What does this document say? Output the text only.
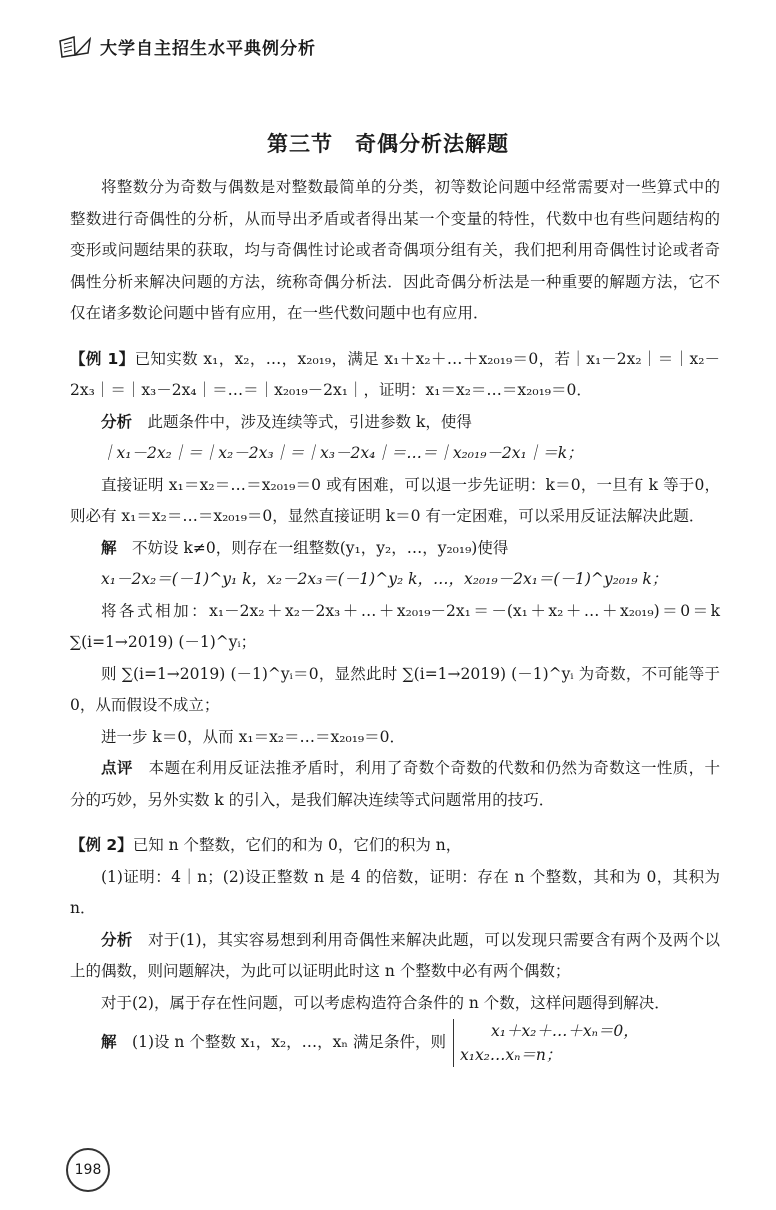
大学自主招生水平典例分析
第三节　奇偶分析法解题

将整数分为奇数与偶数是对整数最简单的分类，初等数论问题中经常需要对一些算式中的整数进行奇偶性的分析，从而导出矛盾或者得出某一个变量的特性，代数中也有些问题结构的变形或问题结果的获取，均与奇偶性讨论或者奇偶项分组有关，我们把利用奇偶性讨论或者奇偶性分析来解决问题的方法，统称奇偶分析法．因此奇偶分析法是一种重要的解题方法，它不仅在诸多数论问题中皆有应用，在一些代数问题中也有应用．

【例 1】已知实数 x₁，x₂，…，x₂₀₁₉，满足 x₁＋x₂＋…＋x₂₀₁₉＝0，若｜x₁－2x₂｜＝｜x₂－2x₃｜＝｜x₃－2x₄｜＝…＝｜x₂₀₁₉－2x₁｜，证明：x₁＝x₂＝…＝x₂₀₁₉＝0．

分析　 此题条件中，涉及连续等式，引进参数 k，使得

｜x₁－2x₂｜＝｜x₂－2x₃｜＝｜x₃－2x₄｜＝…＝｜x₂₀₁₉－2x₁｜＝k；

直接证明 x₁＝x₂＝…＝x₂₀₁₉＝0 或有困难，可以退一步先证明：k＝0，一旦有 k 等于0，则必有 x₁＝x₂＝…＝x₂₀₁₉＝0，显然直接证明 k＝0 有一定困难，可以采用反证法解决此题．

解　 不妨设 k≠0，则存在一组整数(y₁，y₂，…，y₂₀₁₉)使得

x₁－2x₂＝(－1)^y₁ k，x₂－2x₃＝(－1)^y₂ k，…，x₂₀₁₉－2x₁＝(－1)^y₂₀₁₉ k；

将各式相加：x₁－2x₂＋x₂－2x₃＋…＋x₂₀₁₉－2x₁＝－(x₁＋x₂＋…＋x₂₀₁₉)＝0＝k ∑(i=1→2019) (－1)^yᵢ；

则 ∑(i=1→2019) (－1)^yᵢ＝0，显然此时 ∑(i=1→2019) (－1)^yᵢ 为奇数，不可能等于 0，从而假设不成立；

进一步 k＝0，从而 x₁＝x₂＝…＝x₂₀₁₉＝0．

点评　 本题在利用反证法推矛盾时，利用了奇数个奇数的代数和仍然为奇数这一性质，十分的巧妙，另外实数 k 的引入，是我们解决连续等式问题常用的技巧．

【例 2】已知 n 个整数，它们的和为 0，它们的积为 n，

(1)证明：4｜n；(2)设正整数 n 是 4 的倍数，证明：存在 n 个整数，其和为 0，其积为 n．

分析　 对于(1)，其实容易想到利用奇偶性来解决此题，可以发现只需要含有两个及两个以上的偶数，则问题解决，为此可以证明此时这 n 个整数中必有两个偶数；

对于(2)，属于存在性问题，可以考虑构造符合条件的 n 个数，这样问题得到解决．

解　 (1)设 n 个整数 x₁，x₂，…，xₙ 满足条件，则 x₁＋x₂＋…＋xₙ＝0，
x₁x₂…xₙ＝n；

198
